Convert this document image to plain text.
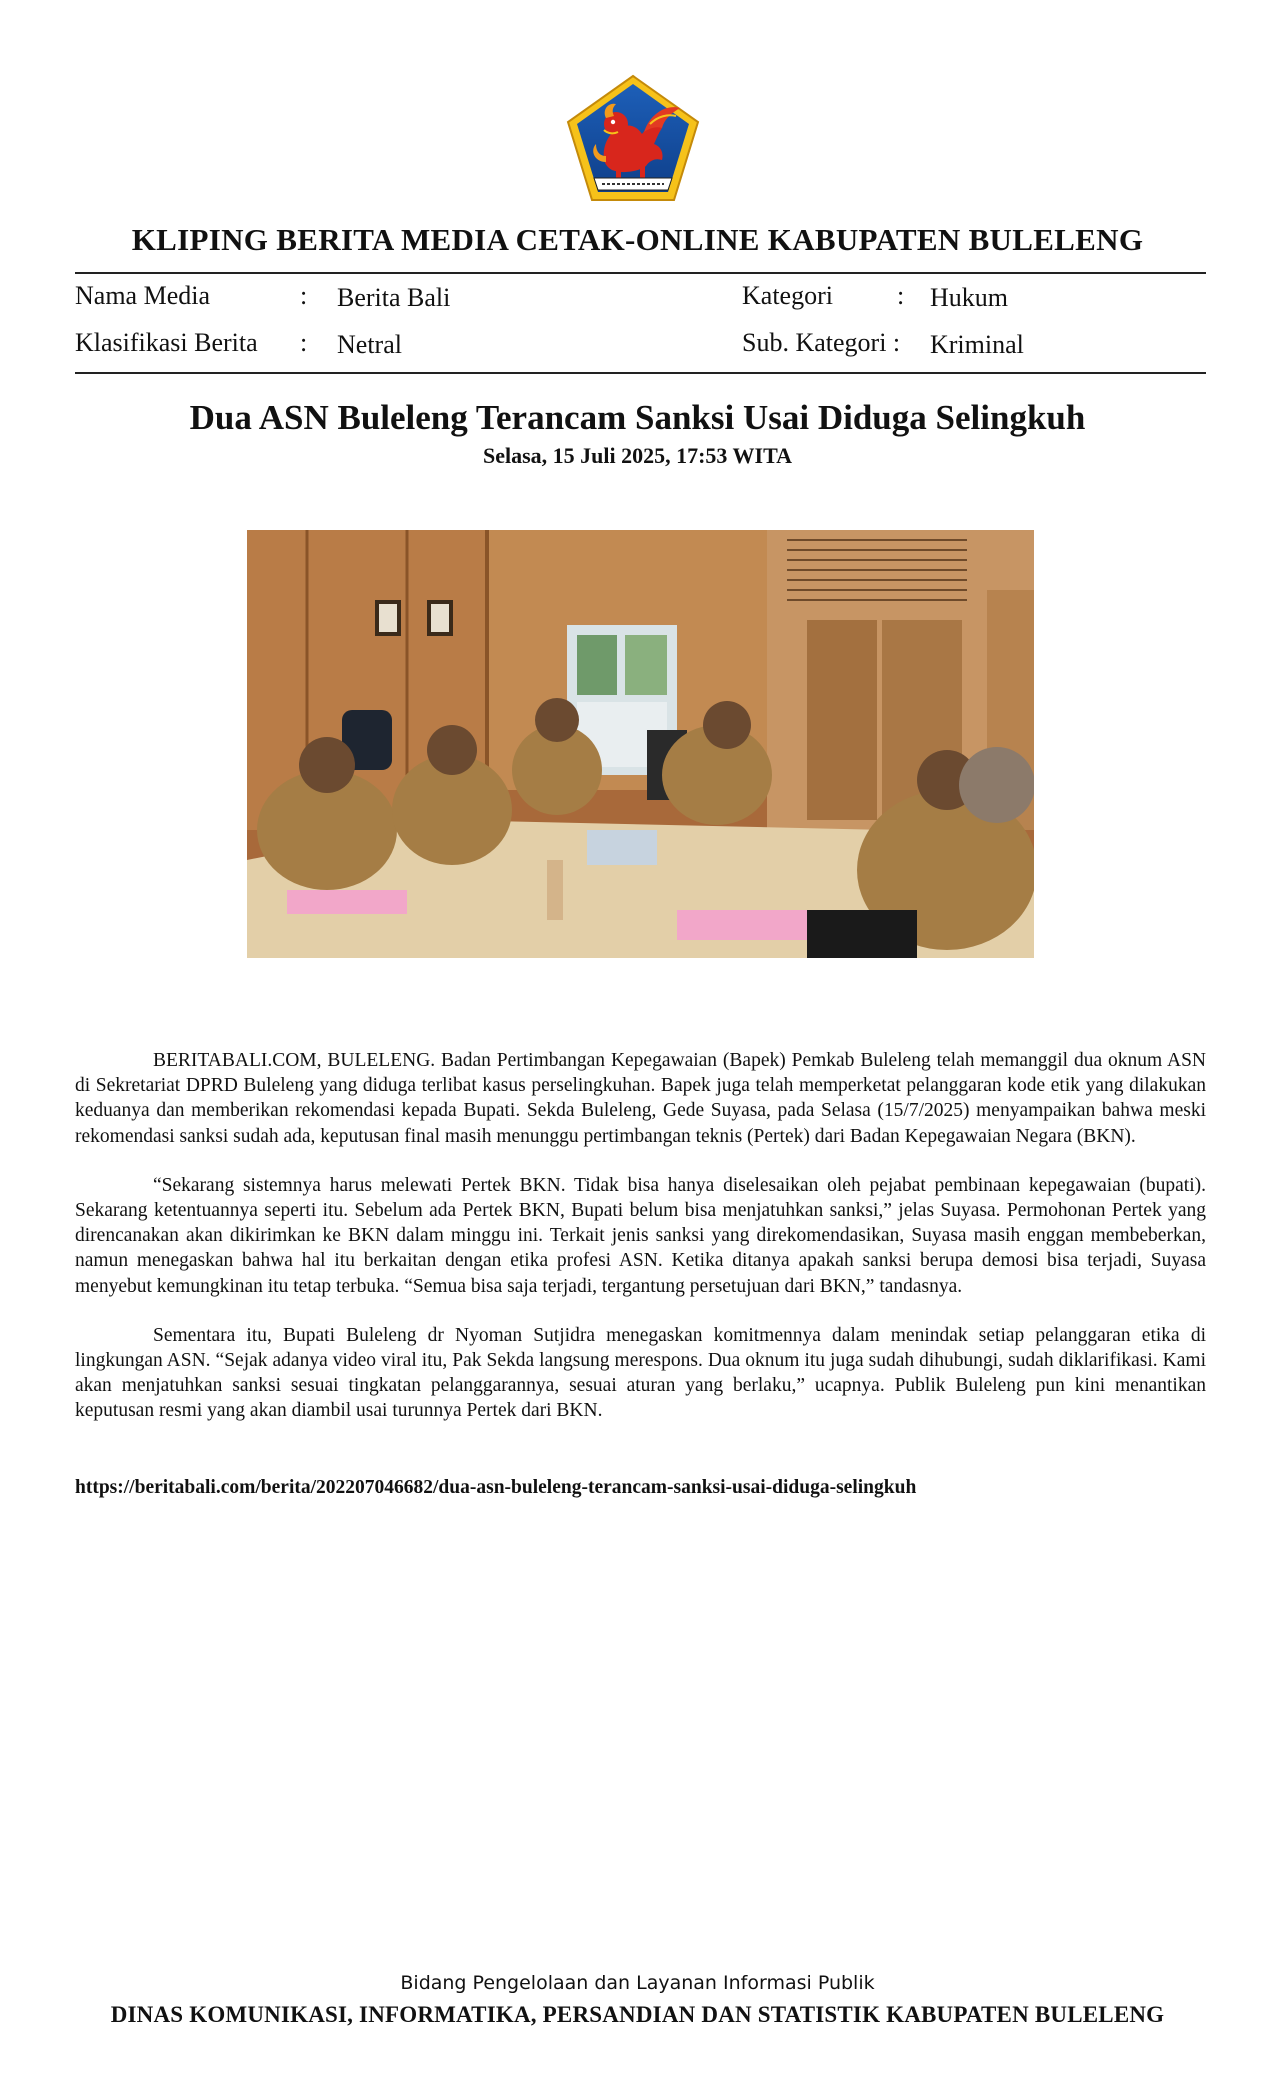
KLIPING BERITA MEDIA CETAK-ONLINE KABUPATEN BULELENG
Nama Media	: Berita Bali
Klasifikasi Berita : Netral
Kategori : Hukum
Sub. Kategori : Kriminal
Dua ASN Buleleng Terancam Sanksi Usai Diduga Selingkuh
Selasa, 15 Juli 2025, 17:53 WITA

BERITABALI.COM, BULELENG. Badan Pertimbangan Kepegawaian (Bapek) Pemkab Buleleng telah memanggil dua oknum ASN di Sekretariat DPRD Buleleng yang diduga terlibat kasus perselingkuhan. Bapek juga telah memperketat pelanggaran kode etik yang dilakukan keduanya dan memberikan rekomendasi kepada Bupati. Sekda Buleleng, Gede Suyasa, pada Selasa (15/7/2025) menyampaikan bahwa meski rekomendasi sanksi sudah ada, keputusan final masih menunggu pertimbangan teknis (Pertek) dari Badan Kepegawaian Negara (BKN).

“Sekarang sistemnya harus melewati Pertek BKN. Tidak bisa hanya diselesaikan oleh pejabat pembinaan kepegawaian (bupati). Sekarang ketentuannya seperti itu. Sebelum ada Pertek BKN, Bupati belum bisa menjatuhkan sanksi,” jelas Suyasa. Permohonan Pertek yang direncanakan akan dikirimkan ke BKN dalam minggu ini. Terkait jenis sanksi yang direkomendasikan, Suyasa masih enggan membeberkan, namun menegaskan bahwa hal itu berkaitan dengan etika profesi ASN. Ketika ditanya apakah sanksi berupa demosi bisa terjadi, Suyasa menyebut kemungkinan itu tetap terbuka. “Semua bisa saja terjadi, tergantung persetujuan dari BKN,” tandasnya.

Sementara itu, Bupati Buleleng dr Nyoman Sutjidra menegaskan komitmennya dalam menindak setiap pelanggaran etika di lingkungan ASN. “Sejak adanya video viral itu, Pak Sekda langsung merespons. Dua oknum itu juga sudah dihubungi, sudah diklarifikasi. Kami akan menjatuhkan sanksi sesuai tingkatan pelanggarannya, sesuai aturan yang berlaku,” ucapnya. Publik Buleleng pun kini menantikan keputusan resmi yang akan diambil usai turunnya Pertek dari BKN.

https://beritabali.com/berita/202207046682/dua-asn-buleleng-terancam-sanksi-usai-diduga-selingkuh
Bidang Pengelolaan dan Layanan Informasi Publik
DINAS KOMUNIKASI, INFORMATIKA, PERSANDIAN DAN STATISTIK KABUPATEN BULELENG
